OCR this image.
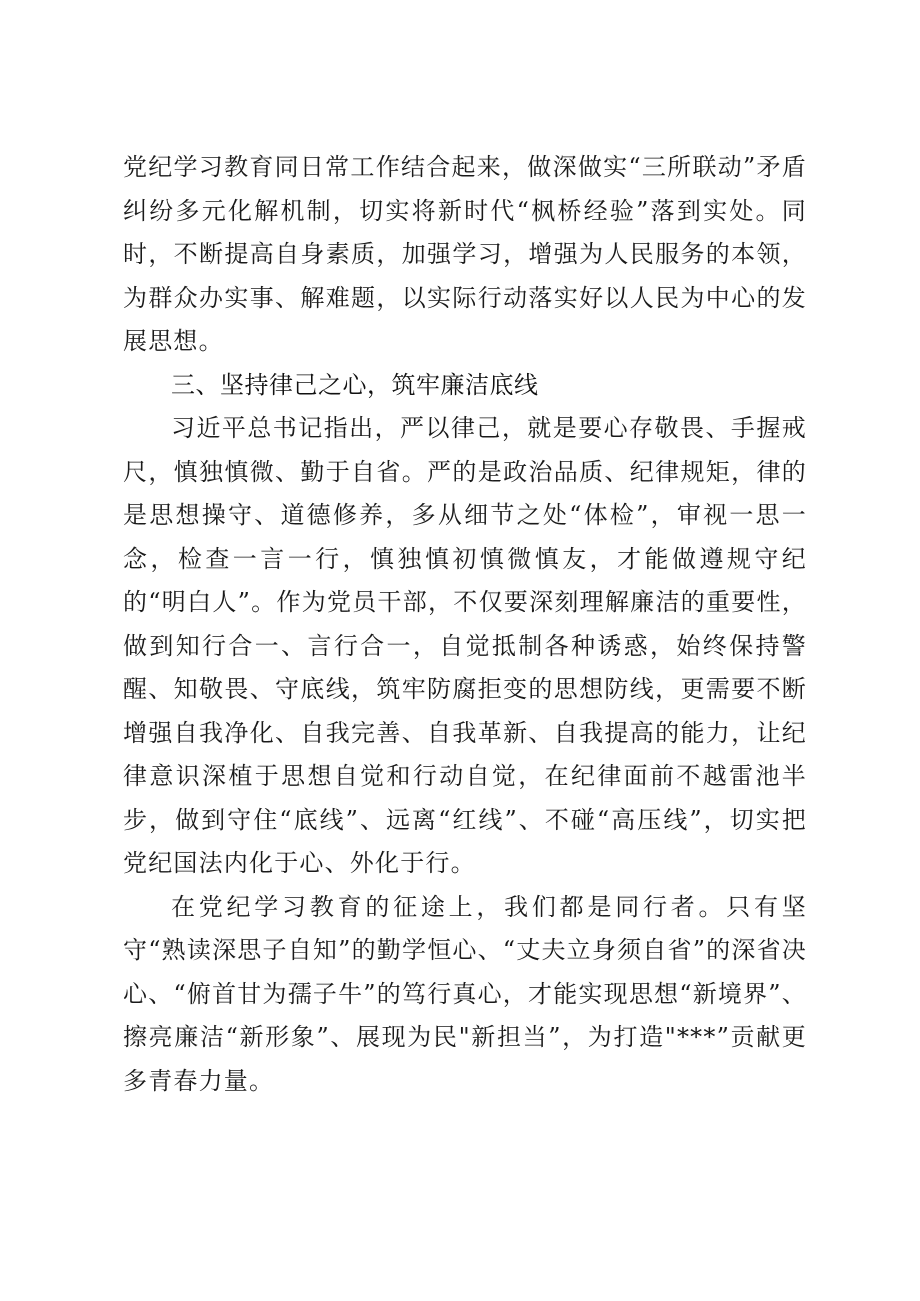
党纪学习教育同日常工作结合起来，做深做实“三所联动”矛盾纠纷多元化解机制，切实将新时代“枫桥经验”落到实处。同时，不断提高自身素质，加强学习，增强为人民服务的本领，为群众办实事、解难题，以实际行动落实好以人民为中心的发展思想。

三、坚持律己之心，筑牢廉洁底线

习近平总书记指出，严以律己，就是要心存敬畏、手握戒尺，慎独慎微、勤于自省。严的是政治品质、纪律规矩，律的是思想操守、道德修养，多从细节之处“体检”，审视一思一念，检查一言一行，慎独慎初慎微慎友，才能做遵规守纪的“明白人”。作为党员干部，不仅要深刻理解廉洁的重要性，做到知行合一、言行合一，自觉抵制各种诱惑，始终保持警醒、知敬畏、守底线，筑牢防腐拒变的思想防线，更需要不断增强自我净化、自我完善、自我革新、自我提高的能力，让纪律意识深植于思想自觉和行动自觉，在纪律面前不越雷池半步，做到守住“底线”、远离“红线”、不碰“高压线”，切实把党纪国法内化于心、外化于行。

在党纪学习教育的征途上，我们都是同行者。只有坚守“熟读深思子自知”的勤学恒心、“丈夫立身须自省”的深省决心、“俯首甘为孺子牛”的笃行真心，才能实现思想“新境界”、擦亮廉洁“新形象”、展现为民"新担当”，为打造"***”贡献更多青春力量。
